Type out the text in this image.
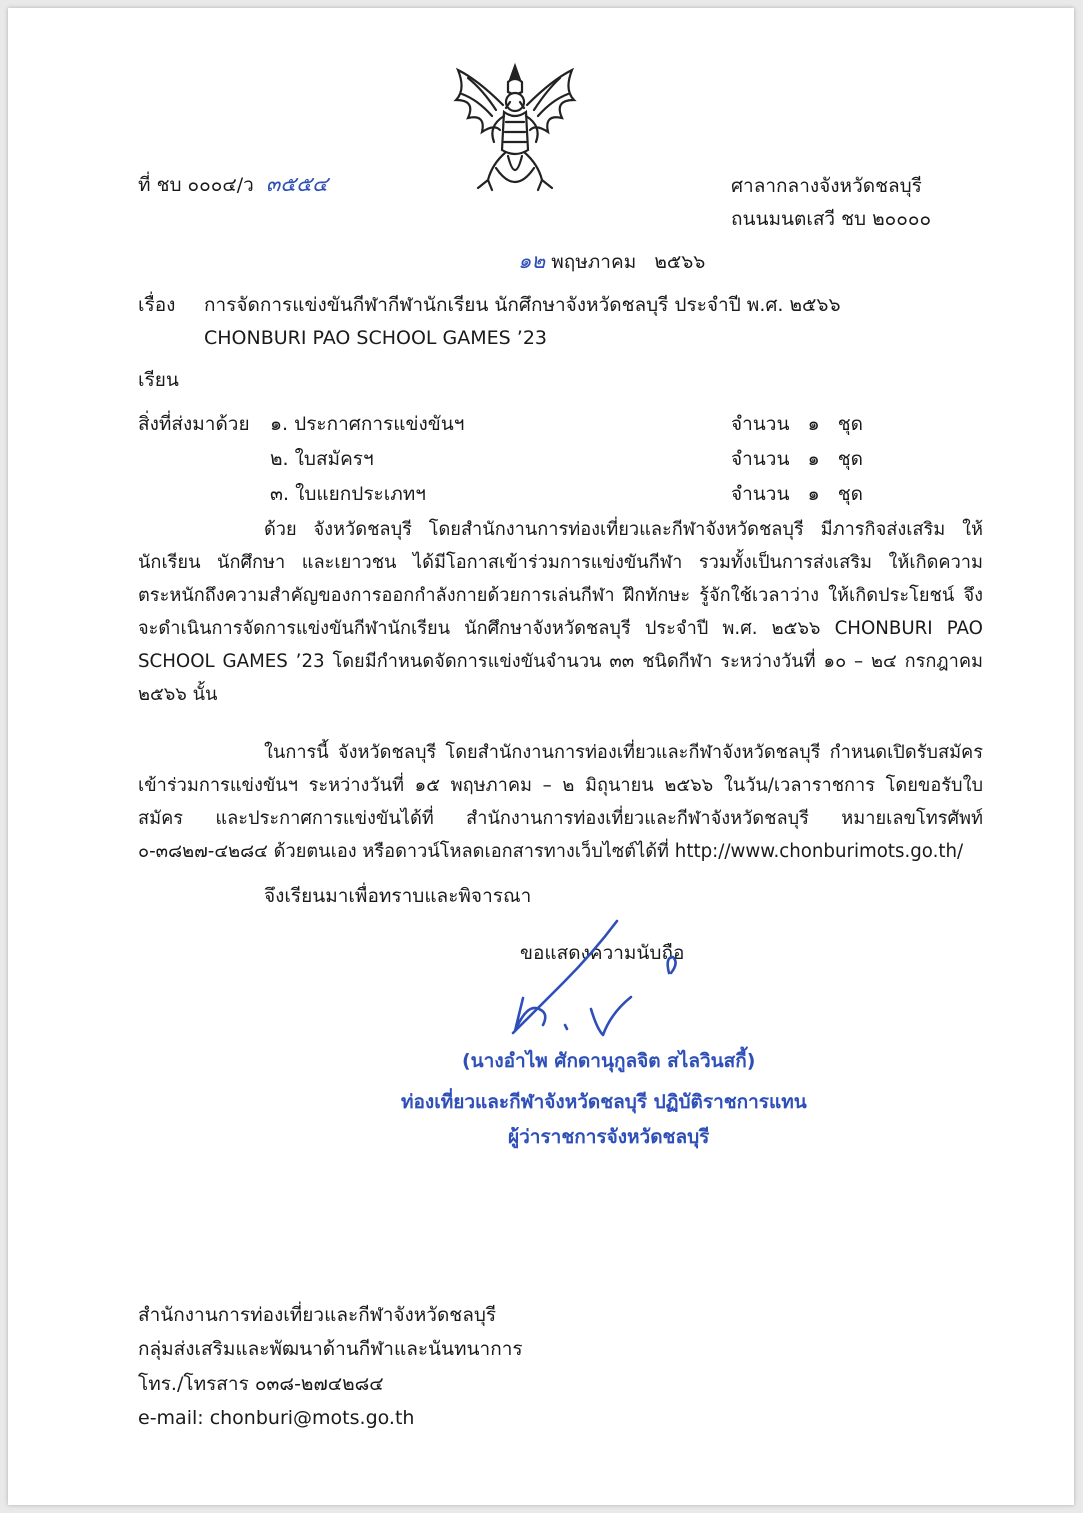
ที่ ชบ ๐๐๐๔/ว ๓๕๕๔	ศาลากลางจังหวัดชลบุรี
ถนนมนตเสวี ชบ ๒๐๐๐๐
๑๒ พฤษภาคม   ๒๕๖๖
เรื่อง การจัดการแข่งขันกีฬากีฬานักเรียน นักศึกษาจังหวัดชลบุรี ประจำปี พ.ศ. ๒๕๖๖
CHONBURI PAO SCHOOL GAMES ’23
เรียน
สิ่งที่ส่งมาด้วย ๑. ประกาศการแข่งขันฯ	จำนวน   ๑   ชุด
๒. ใบสมัครฯ	จำนวน   ๑   ชุด
๓. ใบแยกประเภทฯ	จำนวน   ๑   ชุด
ด้วย จังหวัดชลบุรี โดยสำนักงานการท่องเที่ยวและกีฬาจังหวัดชลบุรี มีภารกิจส่งเสริม ให้นักเรียน นักศึกษา และเยาวชน ได้มีโอกาสเข้าร่วมการแข่งขันกีฬา รวมทั้งเป็นการส่งเสริม ให้เกิดความตระหนักถึงความสำคัญของการออกกำลังกายด้วยการเล่นกีฬา ฝึกทักษะ รู้จักใช้เวลาว่าง ให้เกิดประโยชน์ จึงจะดำเนินการจัดการแข่งขันกีฬานักเรียน นักศึกษาจังหวัดชลบุรี ประจำปี พ.ศ. ๒๕๖๖ CHONBURI PAO SCHOOL GAMES ’23 โดยมีกำหนดจัดการแข่งขันจำนวน ๓๓ ชนิดกีฬา ระหว่างวันที่ ๑๐ – ๒๔ กรกฎาคม ๒๕๖๖ นั้น
ในการนี้ จังหวัดชลบุรี โดยสำนักงานการท่องเที่ยวและกีฬาจังหวัดชลบุรี กำหนดเปิดรับสมัคร เข้าร่วมการแข่งขันฯ ระหว่างวันที่ ๑๕ พฤษภาคม – ๒ มิถุนายน ๒๕๖๖ ในวัน/เวลาราชการ โดยขอรับใบสมัคร และประกาศการแข่งขันได้ที่ สำนักงานการท่องเที่ยวและกีฬาจังหวัดชลบุรี หมายเลขโทรศัพท์ ๐-๓๘๒๗-๔๒๘๔ ด้วยตนเอง หรือดาวน์โหลดเอกสารทางเว็บไซต์ได้ที่ http://www.chonburimots.go.th/
จึงเรียนมาเพื่อทราบและพิจารณา
ขอแสดงความนับถือ
(นางอำไพ ศักดานุกูลจิต สไลวินสกี้)
ท่องเที่ยวและกีฬาจังหวัดชลบุรี ปฏิบัติราชการแทน
ผู้ว่าราชการจังหวัดชลบุรี
สำนักงานการท่องเที่ยวและกีฬาจังหวัดชลบุรี
กลุ่มส่งเสริมและพัฒนาด้านกีฬาและนันทนาการ
โทร./โทรสาร ๐๓๘-๒๗๔๒๘๔
e-mail: chonburi@mots.go.th
